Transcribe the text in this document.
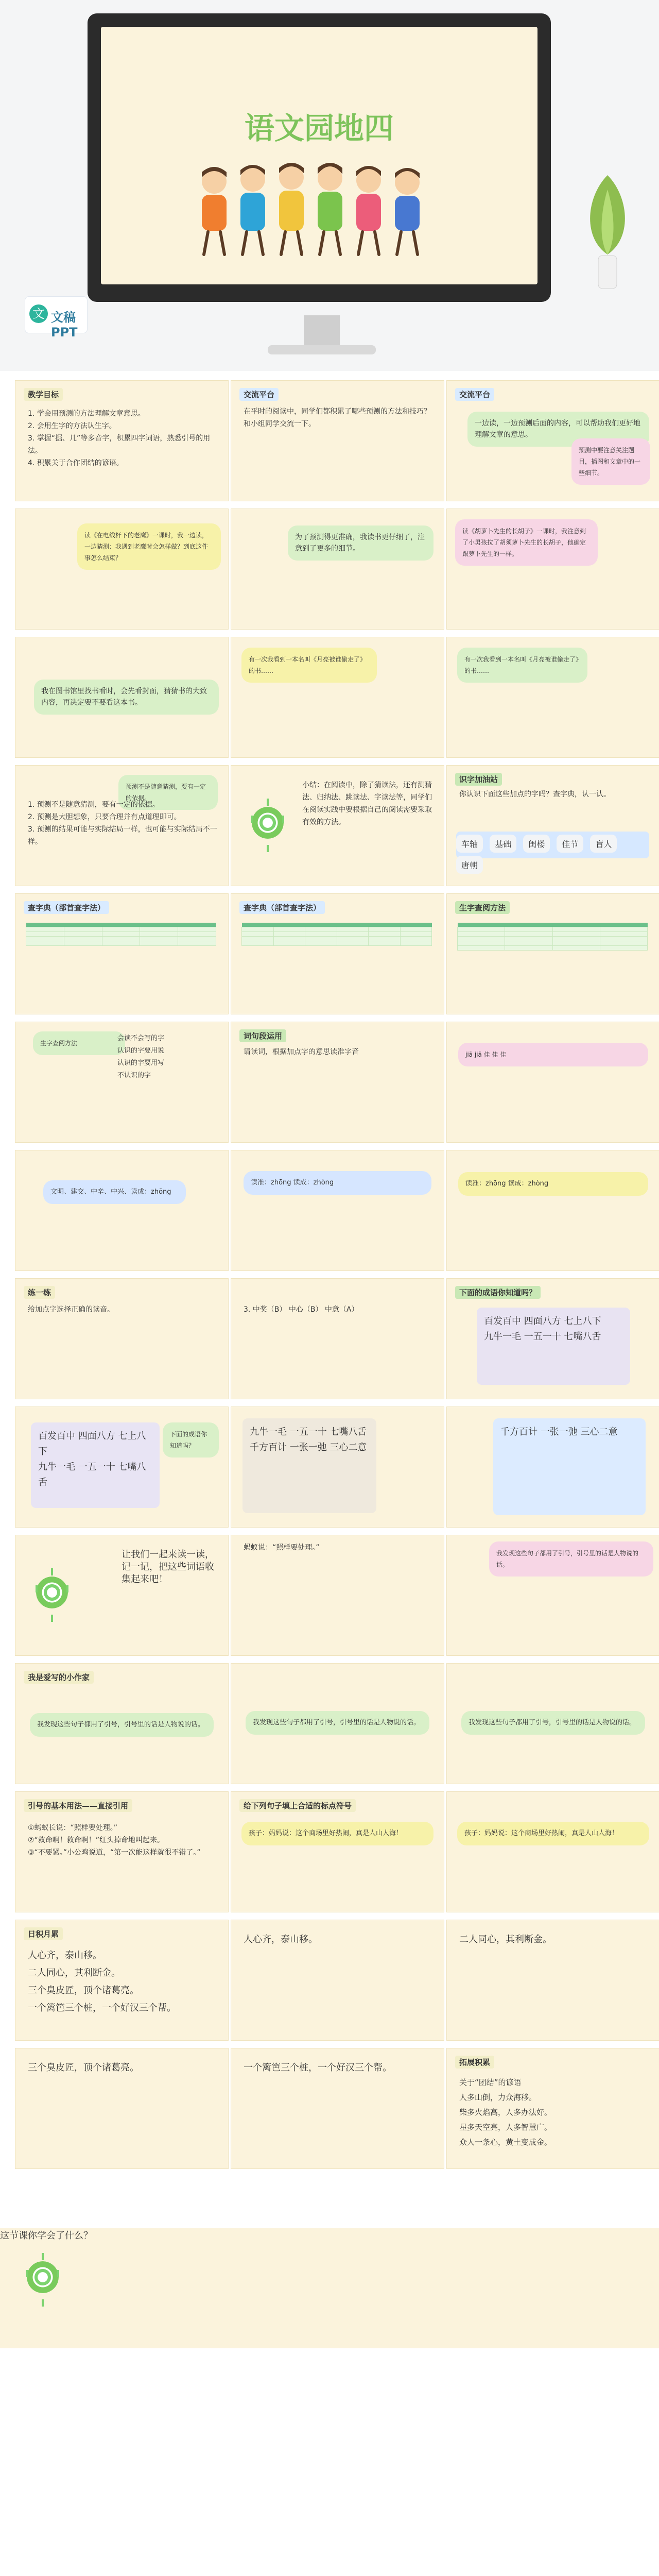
语文园地四
文 文稿PPT
教学目标
1. 学会用预测的方法理解文章意思。
2. 会用生字的方法认生字。
3. 掌握“掘、几”等多音字，积累四字词语，熟悉引号的用法。
4. 积累关于合作团结的谚语。
交流平台
在平时的阅读中，同学们都积累了哪些预测的方法和技巧？和小组同学交流一下。
交流平台
一边读，一边预测后面的内容，可以帮助我们更好地理解文章的意思。
预测中要注意关注题目，插图和文章中的一些细节。
读《在电线杆下的老鹰》一课时，我一边读，一边猜测：我遇到老鹰时会怎样做？到底这件事怎么结束？
为了预测得更准确，我读书更仔细了，注意到了更多的细节。
读《胡萝卜先生的长胡子》一课时，我注意到了小男孩拉了胡须萝卜先生的长胡子，他确定跟萝卜先生的一样。
我在图书馆里找书看时，会先看封面，猜猜书的大致内容，再决定要不要看这本书。
有一次我看到一本名叫《月亮被谁偷走了》的书……
有一次我看到一本名叫《月亮被谁偷走了》的书……
预测不是随意猜测，要有一定的依据。
1. 预测不是随意猜测，要有一定的依据。
2. 预测是大胆想象，只要合理并有点道理即可。
3. 预测的结果可能与实际结局一样，也可能与实际结局不一样。
小结：在阅读中，除了猜读法，还有测猜法、归纳法、跳读法、字读法等，同学们在阅读实践中要根据自己的阅读需要采取有效的方法。
识字加油站
你认识下面这些加点的字吗？查字典，认一认。
车轴 基础 闺楼 佳节 盲人 唐朝
查字典（部首查字法）

					查字典（部首查字法）

						生字查阅方法

生字查阅方法
会读不会写的字
认识的字要用说
认识的字要用写
不认识的字
词句段运用
请读词，根据加点字的意思读准字音	jiā jiā 佳 佳 佳
文明、建交、中辛、中兴、读成：zhōng
读准：zhōng 读成：zhòng	读准：zhōng 读成：zhòng
练一练
给加点字选择正确的读音。	3. 中奖（B） 中心（B） 中意（A）
下面的成语你知道吗？
百发百中 四面八方 七上八下
九牛一毛 一五一十 七嘴八舌
百发百中 四面八方 七上八下
九牛一毛 一五一十 七嘴八舌
下面的成语你知道吗？
九牛一毛 一五一十 七嘴八舌
千方百计 一张一弛 三心二意
千方百计 一张一弛 三心二意
让我们一起来读一读，记一记，把这些词语收集起来吧！
蚂蚁说：“照样要处理。”
我发现这些句子都用了引号，引号里的话是人物说的话。
我是爱写的小作家
我发现这些句子都用了引号，引号里的话是人物说的话。	我发现这些句子都用了引号，引号里的话是人物说的话。	我发现这些句子都用了引号，引号里的话是人物说的话。
引号的基本用法——直接引用
①蚂蚁长说：“照样要处理。”
②“救命啊！救命啊！”红头掉命地叫起来。
③“不要紧。”小公鸡说道，“第一次能这样就很不错了。”
给下列句子填上合适的标点符号
孩子：妈妈说：这个商场里好热闹，真是人山人海！	孩子：妈妈说：这个商场里好热闹，真是人山人海！
日积月累
人心齐，泰山移。
二人同心，其利断金。
三个臭皮匠，顶个诸葛亮。
一个篱笆三个桩，一个好汉三个帮。
人心齐，泰山移。	二人同心，其利断金。
三个臭皮匠，顶个诸葛亮。	一个篱笆三个桩，一个好汉三个帮。	拓展积累
关于“团结”的谚语
人多山倒，力众海移。
柴多火焰高，人多办法好。
星多天空亮，人多智慧广。
众人一条心，黄土变成金。
这节课你学会了什么？
